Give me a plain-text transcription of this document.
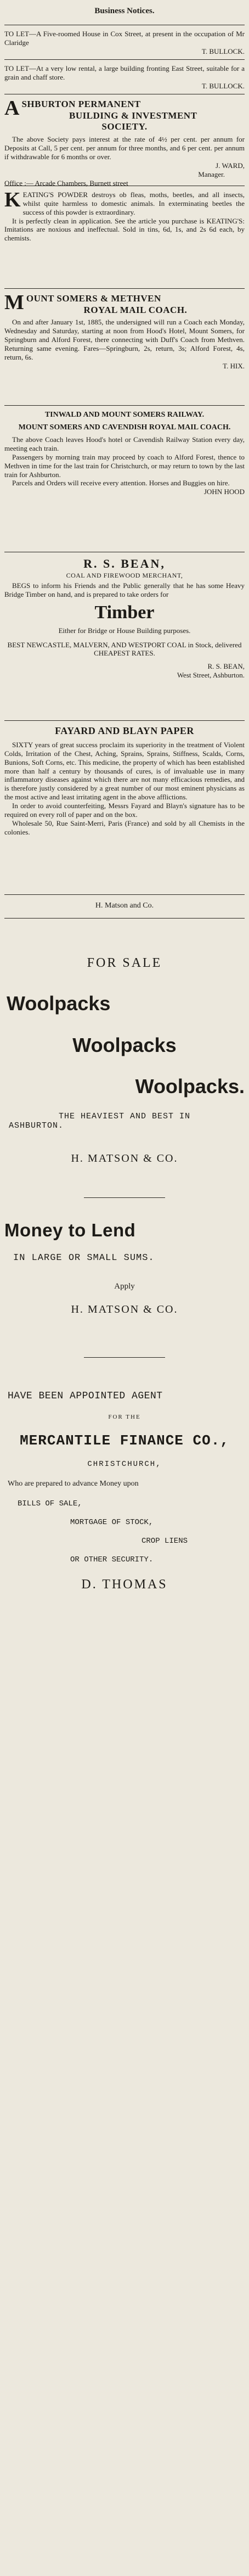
Business Notices.

TO LET—A Five-roomed House in Cox Street, at present in the occupation of Mr Claridge

T. BULLOCK.

TO LET—At a very low rental, a large building fronting East Street, suitable for a grain and chaff store.

T. BULLOCK.

A SHBURTON PERMANENT

BUILDING & INVESTMENT

SOCIETY.

The above Society pays interest at the rate of 4½ per cent. per annum for Deposits at Call, 5 per cent. per annum for three months, and 6 per cent. per annum if withdrawable for 6 months or over.

J. WARD,

Manager.

Office :— Arcade Chambers, Burnett street

K EATING'S POWDER destroys ob fleas, moths, beetles, and all insects, whilst quite harmless to domestic animals. In exterminating beetles the success of this powder is extraordinary.

It is perfectly clean in application. See the article you purchase is KEATING'S: Imitations are noxious and ineffectual. Sold in tins, 6d, 1s, and 2s 6d each, by chemists.

M OUNT SOMERS & METHVEN

ROYAL MAIL COACH.

On and after January 1st, 1885, the undersigned will run a Coach each Monday, Wednesday and Saturday, starting at noon from Hood's Hotel, Mount Somers, for Springburn and Alford Forest, there connecting with Duff's Coach from Methven. Returning same evening. Fares—Springburn, 2s, return, 3s; Alford Forest, 4s, return, 6s.

T. HIX.

TINWALD AND MOUNT SOMERS RAILWAY.

MOUNT SOMERS AND CAVENDISH ROYAL MAIL COACH.

The above Coach leaves Hood's hotel or Cavendish Railway Station every day, meeting each train.

Passengers by morning train may proceed by coach to Alford Forest, thence to Methven in time for the last train for Christchurch, or may return to town by the last train for Ashburton.

Parcels and Orders will receive every attention. Horses and Buggies on hire.

JOHN HOOD

R. S. BEAN,

COAL AND FIREWOOD MERCHANT,

BEGS to inform his Friends and the Public generally that he has some Heavy Bridge Timber on hand, and is prepared to take orders for

Timber

Either for Bridge or House Building purposes.

BEST NEWCASTLE, MALVERN, AND WESTPORT COAL in Stock, delivered CHEAPEST RATES.

R. S. BEAN,

West Street, Ashburton.

FAYARD AND BLAYN PAPER

SIXTY years of great success proclaim its superiority in the treatment of Violent Colds, Irritation of the Chest, Aching, Sprains, Sprains, Stiffness, Scalds, Corns, Bunions, Soft Corns, etc. This medicine, the property of which has been established more than half a century by thousands of cures, is of invaluable use in many inflammatory diseases against which there are not many efficacious remedies, and is therefore justly considered by a great number of our most eminent physicians as the most active and least irritating agent in the above afflictions.

In order to avoid counterfeiting, Messrs Fayard and Blayn's signature has to be required on every roll of paper and on the box.

Wholesale 50, Rue Saint-Merri, Paris (France) and sold by all Chemists in the colonies.

H. Matson and Co.

FOR SALE

Woolpacks

Woolpacks

Woolpacks.

THE HEAVIEST AND BEST IN

ASHBURTON.

H. MATSON & CO.

Money to Lend

IN LARGE OR SMALL SUMS.

Apply

H. MATSON & CO.

HAVE BEEN APPOINTED AGENT

FOR THE

MERCANTILE FINANCE CO.,

CHRISTCHURCH,

Who are prepared to advance Money upon

BILLS OF SALE,

MORTGAGE OF STOCK,

CROP LIENS

OR OTHER SECURITY.

D. THOMAS
